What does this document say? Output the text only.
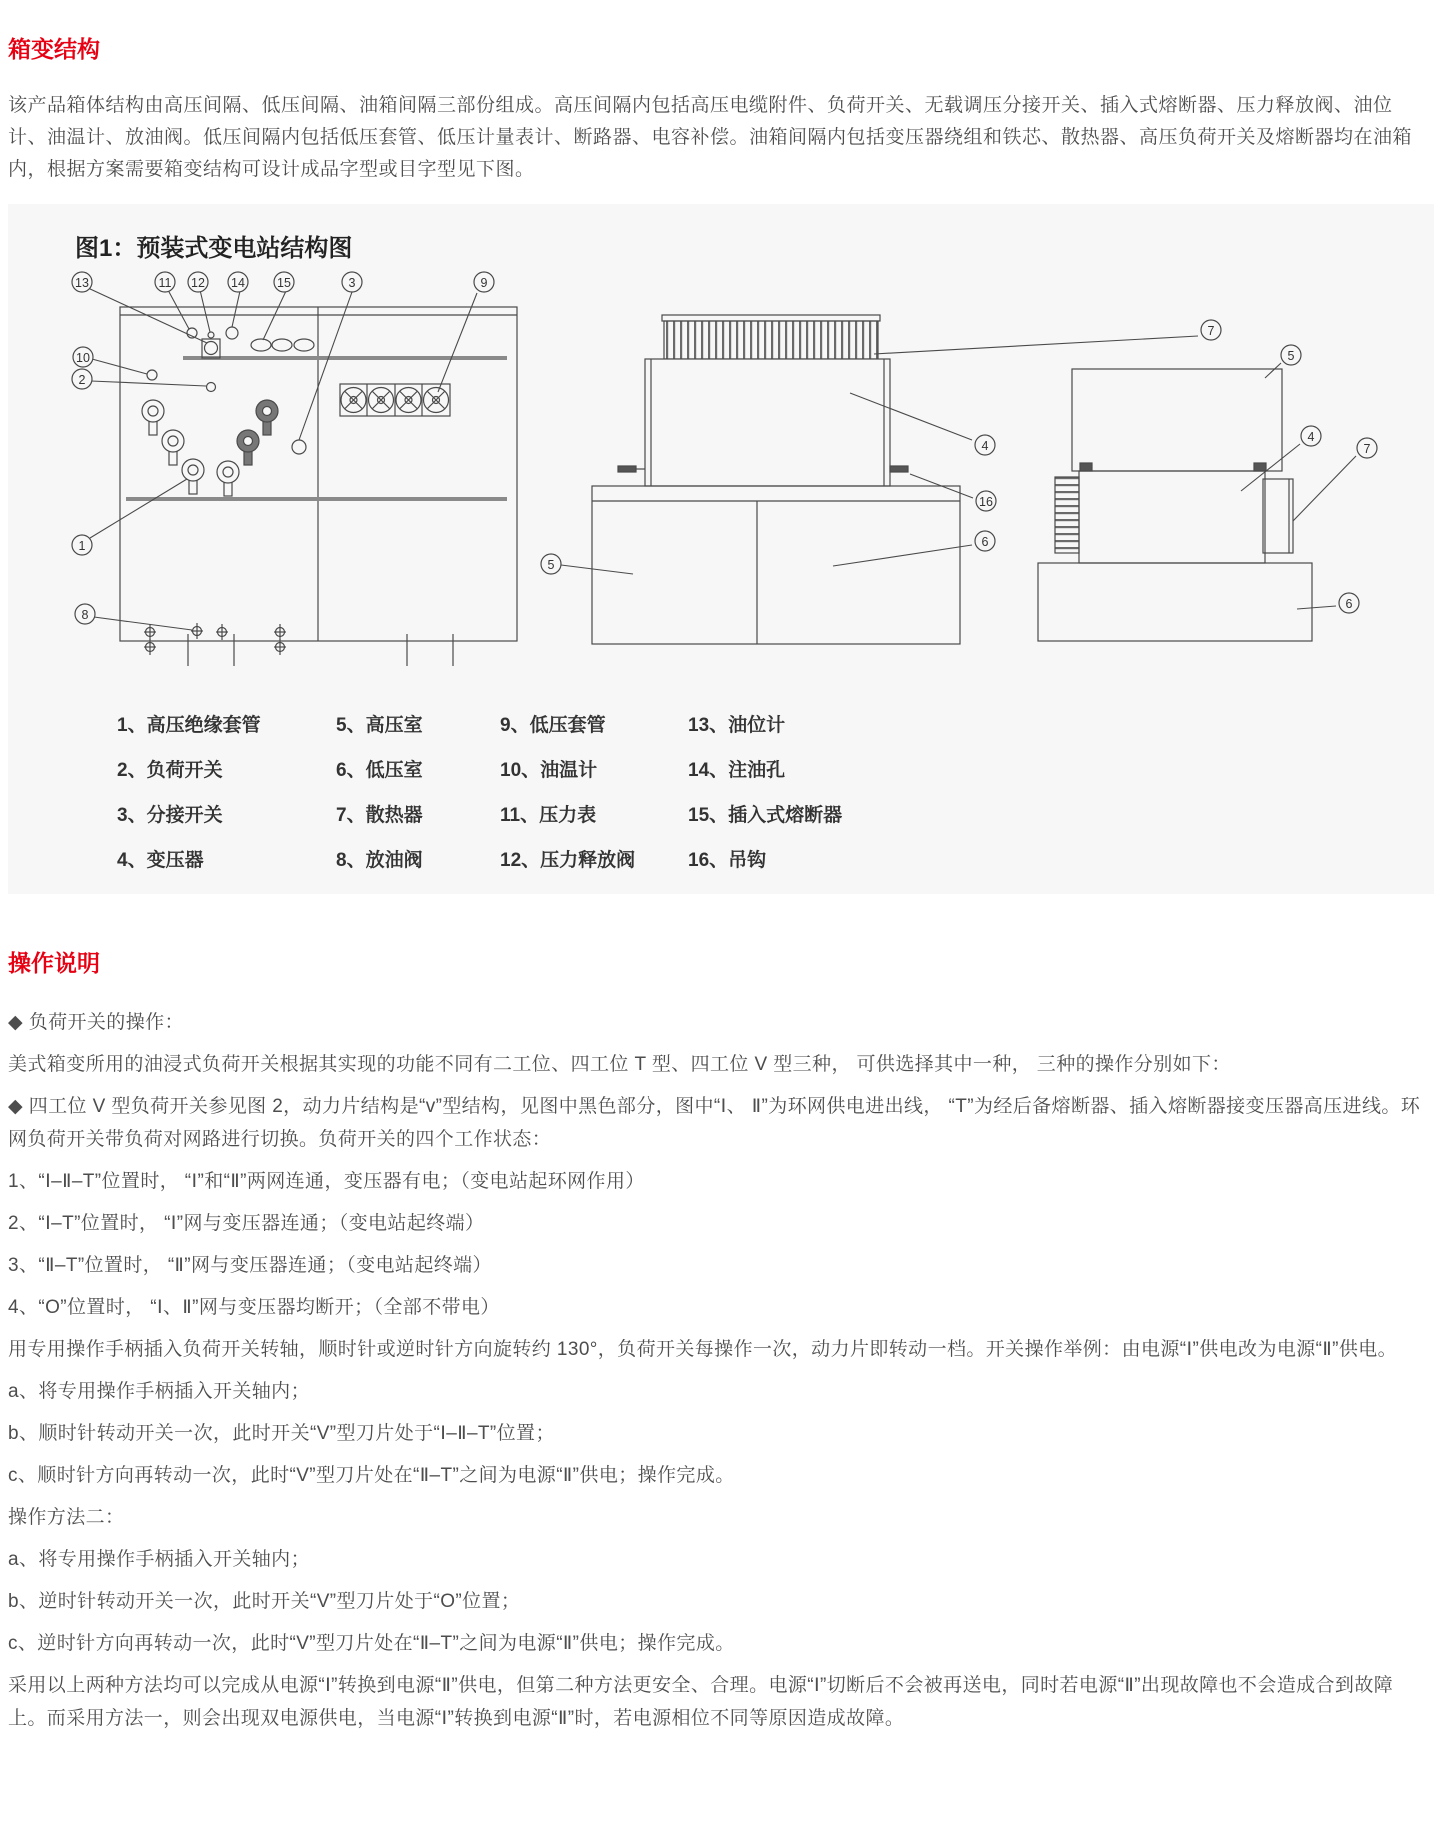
箱变结构

该产品箱体结构由高压间隔、低压间隔、油箱间隔三部份组成。高压间隔内包括高压电缆附件、负荷开关、无载调压分接开关、插入式熔断器、压力释放阀、油位计、油温计、放油阀。低压间隔内包括低压套管、低压计量表计、断路器、电容补偿。油箱间隔内包括变压器绕组和铁芯、散热器、高压负荷开关及熔断器均在油箱内，根据方案需要箱变结构可设计成品字型或目字型见下图。

图1：预装式变电站结构图
13	11 12 14	15	3	9
10
2
1
8
7
4
16
6
5
5
4
7
6
1、高压绝缘套管	5、高压室	9、低压套管	13、油位计
2、负荷开关	6、低压室	10、油温计	14、注油孔
3、分接开关	7、散热器	11、压力表	15、插入式熔断器
4、变压器	8、放油阀	12、压力释放阀	16、吊钩
操作说明

◆ 负荷开关的操作：

美式箱变所用的油浸式负荷开关根据其实现的功能不同有二工位、四工位 T 型、四工位 V 型三种， 可供选择其中一种， 三种的操作分别如下：

◆ 四工位 V 型负荷开关参见图 2，动力片结构是“v”型结构，见图中黑色部分，图中“Ⅰ、 Ⅱ”为环网供电进出线， “T”为经后备熔断器、插入熔断器接变压器高压进线。环网负荷开关带负荷对网路进行切换。负荷开关的四个工作状态：

1、“Ⅰ–Ⅱ–T”位置时， “Ⅰ”和“Ⅱ”两网连通，变压器有电；（变电站起环网作用）

2、“Ⅰ–T”位置时， “Ⅰ”网与变压器连通；（变电站起终端）

3、“Ⅱ–T”位置时， “Ⅱ”网与变压器连通；（变电站起终端）

4、“O”位置时， “Ⅰ、Ⅱ”网与变压器均断开；（全部不带电）

用专用操作手柄插入负荷开关转轴，顺时针或逆时针方向旋转约 130°，负荷开关每操作一次，动力片即转动一档。开关操作举例：由电源“Ⅰ”供电改为电源“Ⅱ”供电。

a、将专用操作手柄插入开关轴内；

b、顺时针转动开关一次，此时开关“V”型刀片处于“Ⅰ–Ⅱ–T”位置；

c、顺时针方向再转动一次，此时“V”型刀片处在“Ⅱ–T”之间为电源“Ⅱ”供电；操作完成。

操作方法二：

a、将专用操作手柄插入开关轴内；

b、逆时针转动开关一次，此时开关“V”型刀片处于“O”位置；

c、逆时针方向再转动一次，此时“V”型刀片处在“Ⅱ–T”之间为电源“Ⅱ”供电；操作完成。

采用以上两种方法均可以完成从电源“Ⅰ”转换到电源“Ⅱ”供电，但第二种方法更安全、合理。电源“Ⅰ”切断后不会被再送电，同时若电源“Ⅱ”出现故障也不会造成合到故障上。而采用方法一，则会出现双电源供电，当电源“Ⅰ”转换到电源“Ⅱ”时，若电源相位不同等原因造成故障。
